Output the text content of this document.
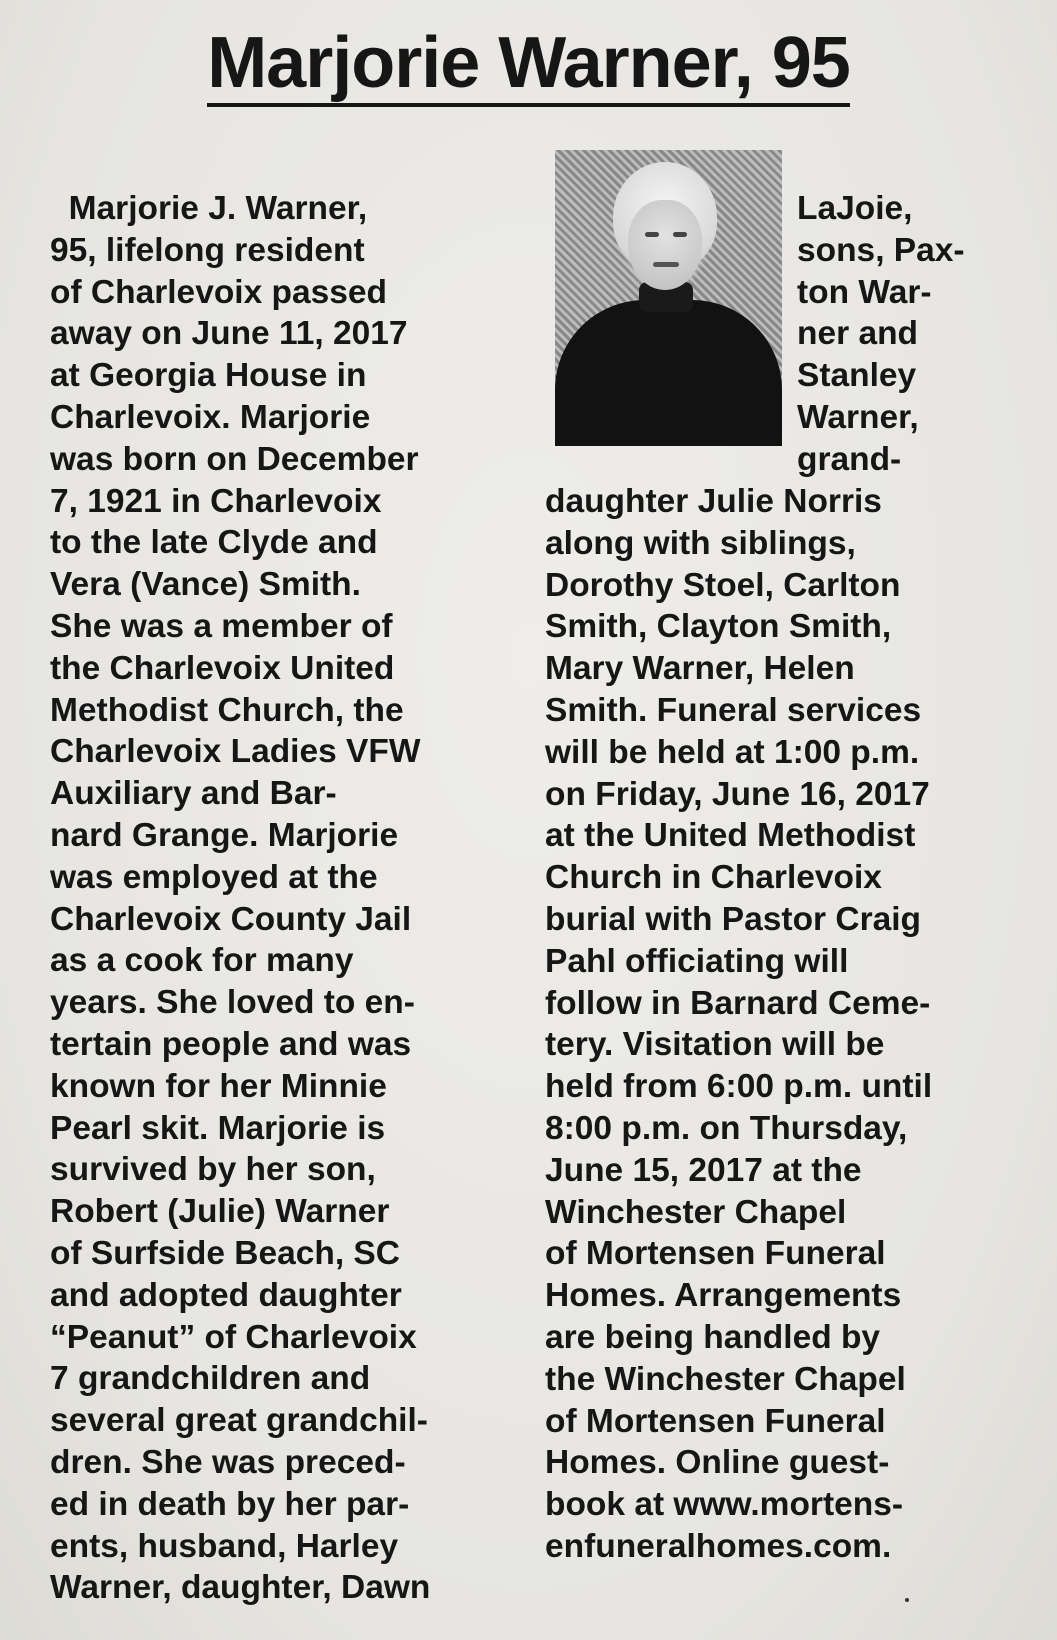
Marjorie Warner, 95
Marjorie J. Warner,
95, lifelong resident
of Charlevoix passed
away on June 11, 2017
at Georgia House in
Charlevoix. Marjorie
was born on December
7, 1921 in Charlevoix
to the late Clyde and
Vera (Vance) Smith.
She was a member of
the Charlevoix United
Methodist Church, the
Charlevoix Ladies VFW
Auxiliary and Bar-
nard Grange. Marjorie
was employed at the
Charlevoix County Jail
as a cook for many
years. She loved to en-
tertain people and was
known for her Minnie
Pearl skit. Marjorie is
survived by her son,
Robert (Julie) Warner
of Surfside Beach, SC
and adopted daughter
“Peanut” of Charlevoix
7 grandchildren and
several great grandchil-
dren. She was preced-
ed in death by her par-
ents, husband, Harley
Warner, daughter, Dawn
LaJoie,
sons, Pax-
ton War-
ner and
Stanley
Warner,
grand-
daughter Julie Norris
along with siblings,
Dorothy Stoel, Carlton
Smith, Clayton Smith,
Mary Warner, Helen
Smith. Funeral services
will be held at 1:00 p.m.
on Friday, June 16, 2017
at the United Methodist
Church in Charlevoix
burial with Pastor Craig
Pahl officiating will
follow in Barnard Ceme-
tery. Visitation will be
held from 6:00 p.m. until
8:00 p.m. on Thursday,
June 15, 2017 at the
Winchester Chapel
of Mortensen Funeral
Homes. Arrangements
are being handled by
the Winchester Chapel
of Mortensen Funeral
Homes. Online guest-
book at www.mortens-
enfuneralhomes.com.
